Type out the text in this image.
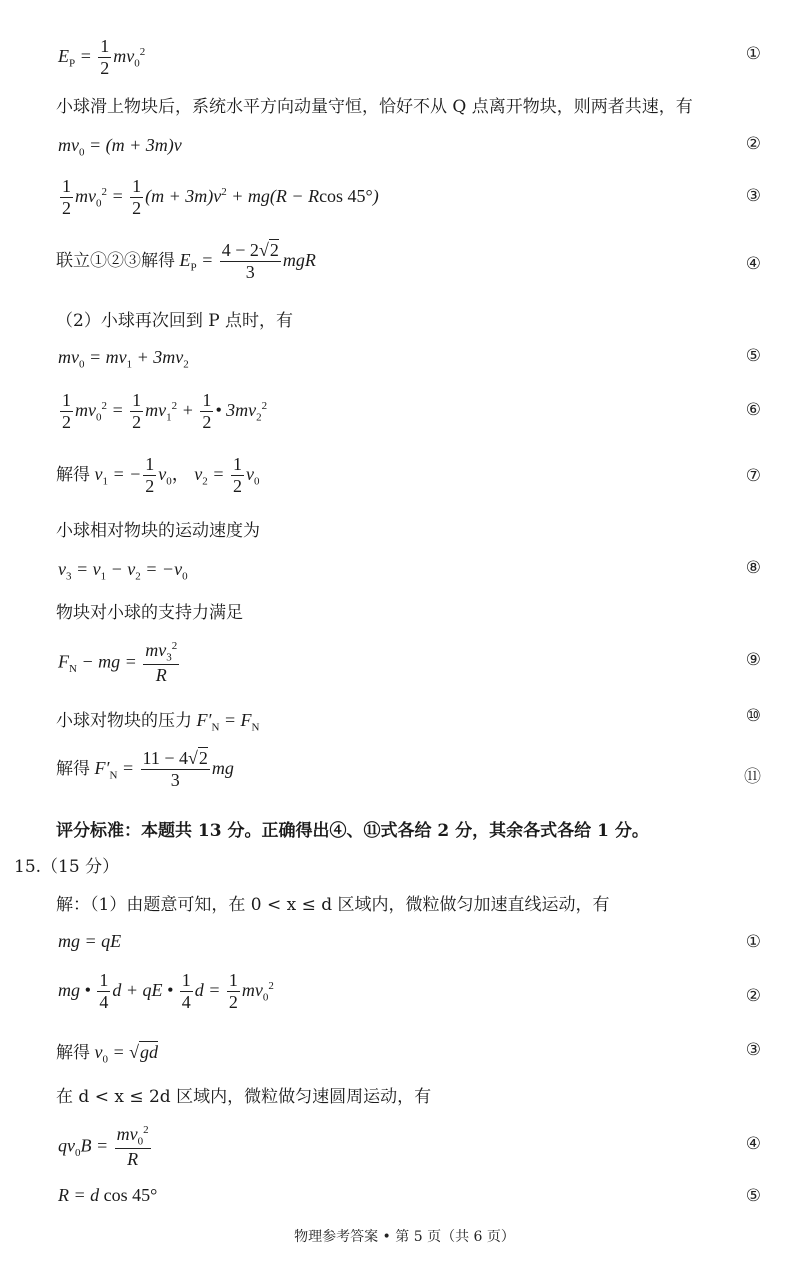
$E_P = \frac{1}{2} mv_0^2$	①
小球滑上物块后，系统水平方向动量守恒，恰好不从 Q 点离开物块，则两者共速，有
$mv_0 = (m + 3m)v$	②
$\frac{1}{2} mv_0^2 = \frac{1}{2} (m + 3m)v^2 + mg(R - Rcos$ 45°)	③
联立①②③解得 $E_P = \frac{4 - 2√2}{3}$ mgR	④
（2）小球再次回到 P 点时，有
$mv_0 = mv_1 + 3mv_2$	⑤
$\frac{1}{2} mv_0^2 = \frac{1}{2} mv_1^2 + \frac{1}{2}$ • $3mv_2^2$	⑥
解得 $v_1$ = − $\frac{1}{2} v_0$， $v_2 = \frac{1}{2} v_0$	⑦
小球相对物块的运动速度为
$v_3 = v_1 - v_2 = -v_0$	⑧
物块对小球的支持力满足
$F_N$ − mg = $\frac{mv_3^2}{R}$	⑨
小球对物块的压力 $F'_N = F_N$
⑩
解得 $F'_N = \frac{11 - 4√2}{3}$ mg	⑪
评分标准：本题共 13 分。正确得出④、⑪式各给 2 分，其余各式各给 1 分。
15.（15 分）
解：（1）由题意可知，在 0 < x ≤ d 区域内，微粒做匀加速直线运动，有
mg = qE	①
mg • $\frac{1}{4}$ d + qE • $\frac{1}{4}$ $d = \frac{1}{2} mv_0^2$
②
解得 $v_0 = √gd$	③
在 d < x ≤ 2d 区域内，微粒做匀速圆周运动，有
$qv_0B = \frac{mv_0^2}{R}$	④
R = d cos 45°	⑤
物理参考答案 • 第 5 页（共 6 页）
